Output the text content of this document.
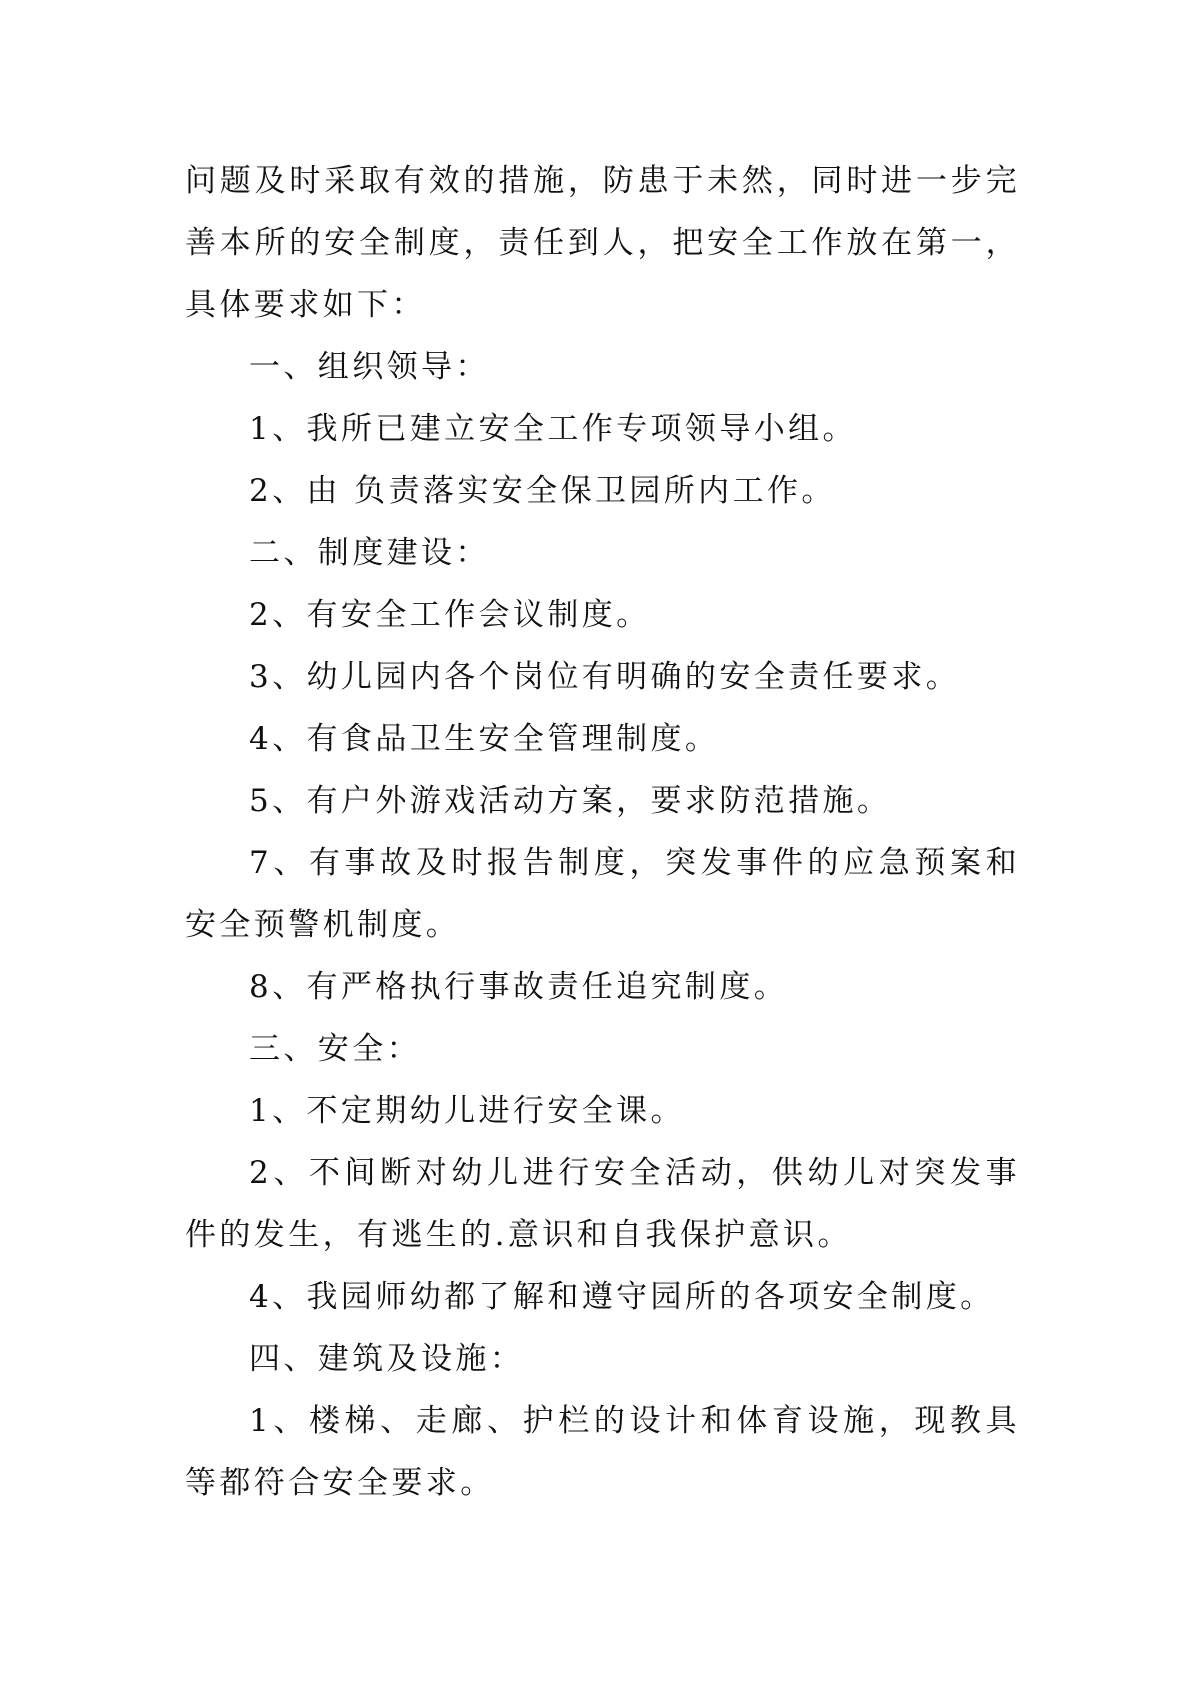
问题及时采取有效的措施，防患于未然，同时进一步完善本所的安全制度，责任到人，把安全工作放在第一，具体要求如下：

一、组织领导：

1、我所已建立安全工作专项领导小组。

2、由 负责落实安全保卫园所内工作。

二、制度建设：

2、有安全工作会议制度。

3、幼儿园内各个岗位有明确的安全责任要求。

4、有食品卫生安全管理制度。

5、有户外游戏活动方案，要求防范措施。

7、有事故及时报告制度，突发事件的应急预案和安全预警机制度。

8、有严格执行事故责任追究制度。

三、安全：

1、不定期幼儿进行安全课。

2、不间断对幼儿进行安全活动，供幼儿对突发事件的发生，有逃生的.意识和自我保护意识。

4、我园师幼都了解和遵守园所的各项安全制度。

四、建筑及设施：

1、楼梯、走廊、护栏的设计和体育设施，现教具等都符合安全要求。
